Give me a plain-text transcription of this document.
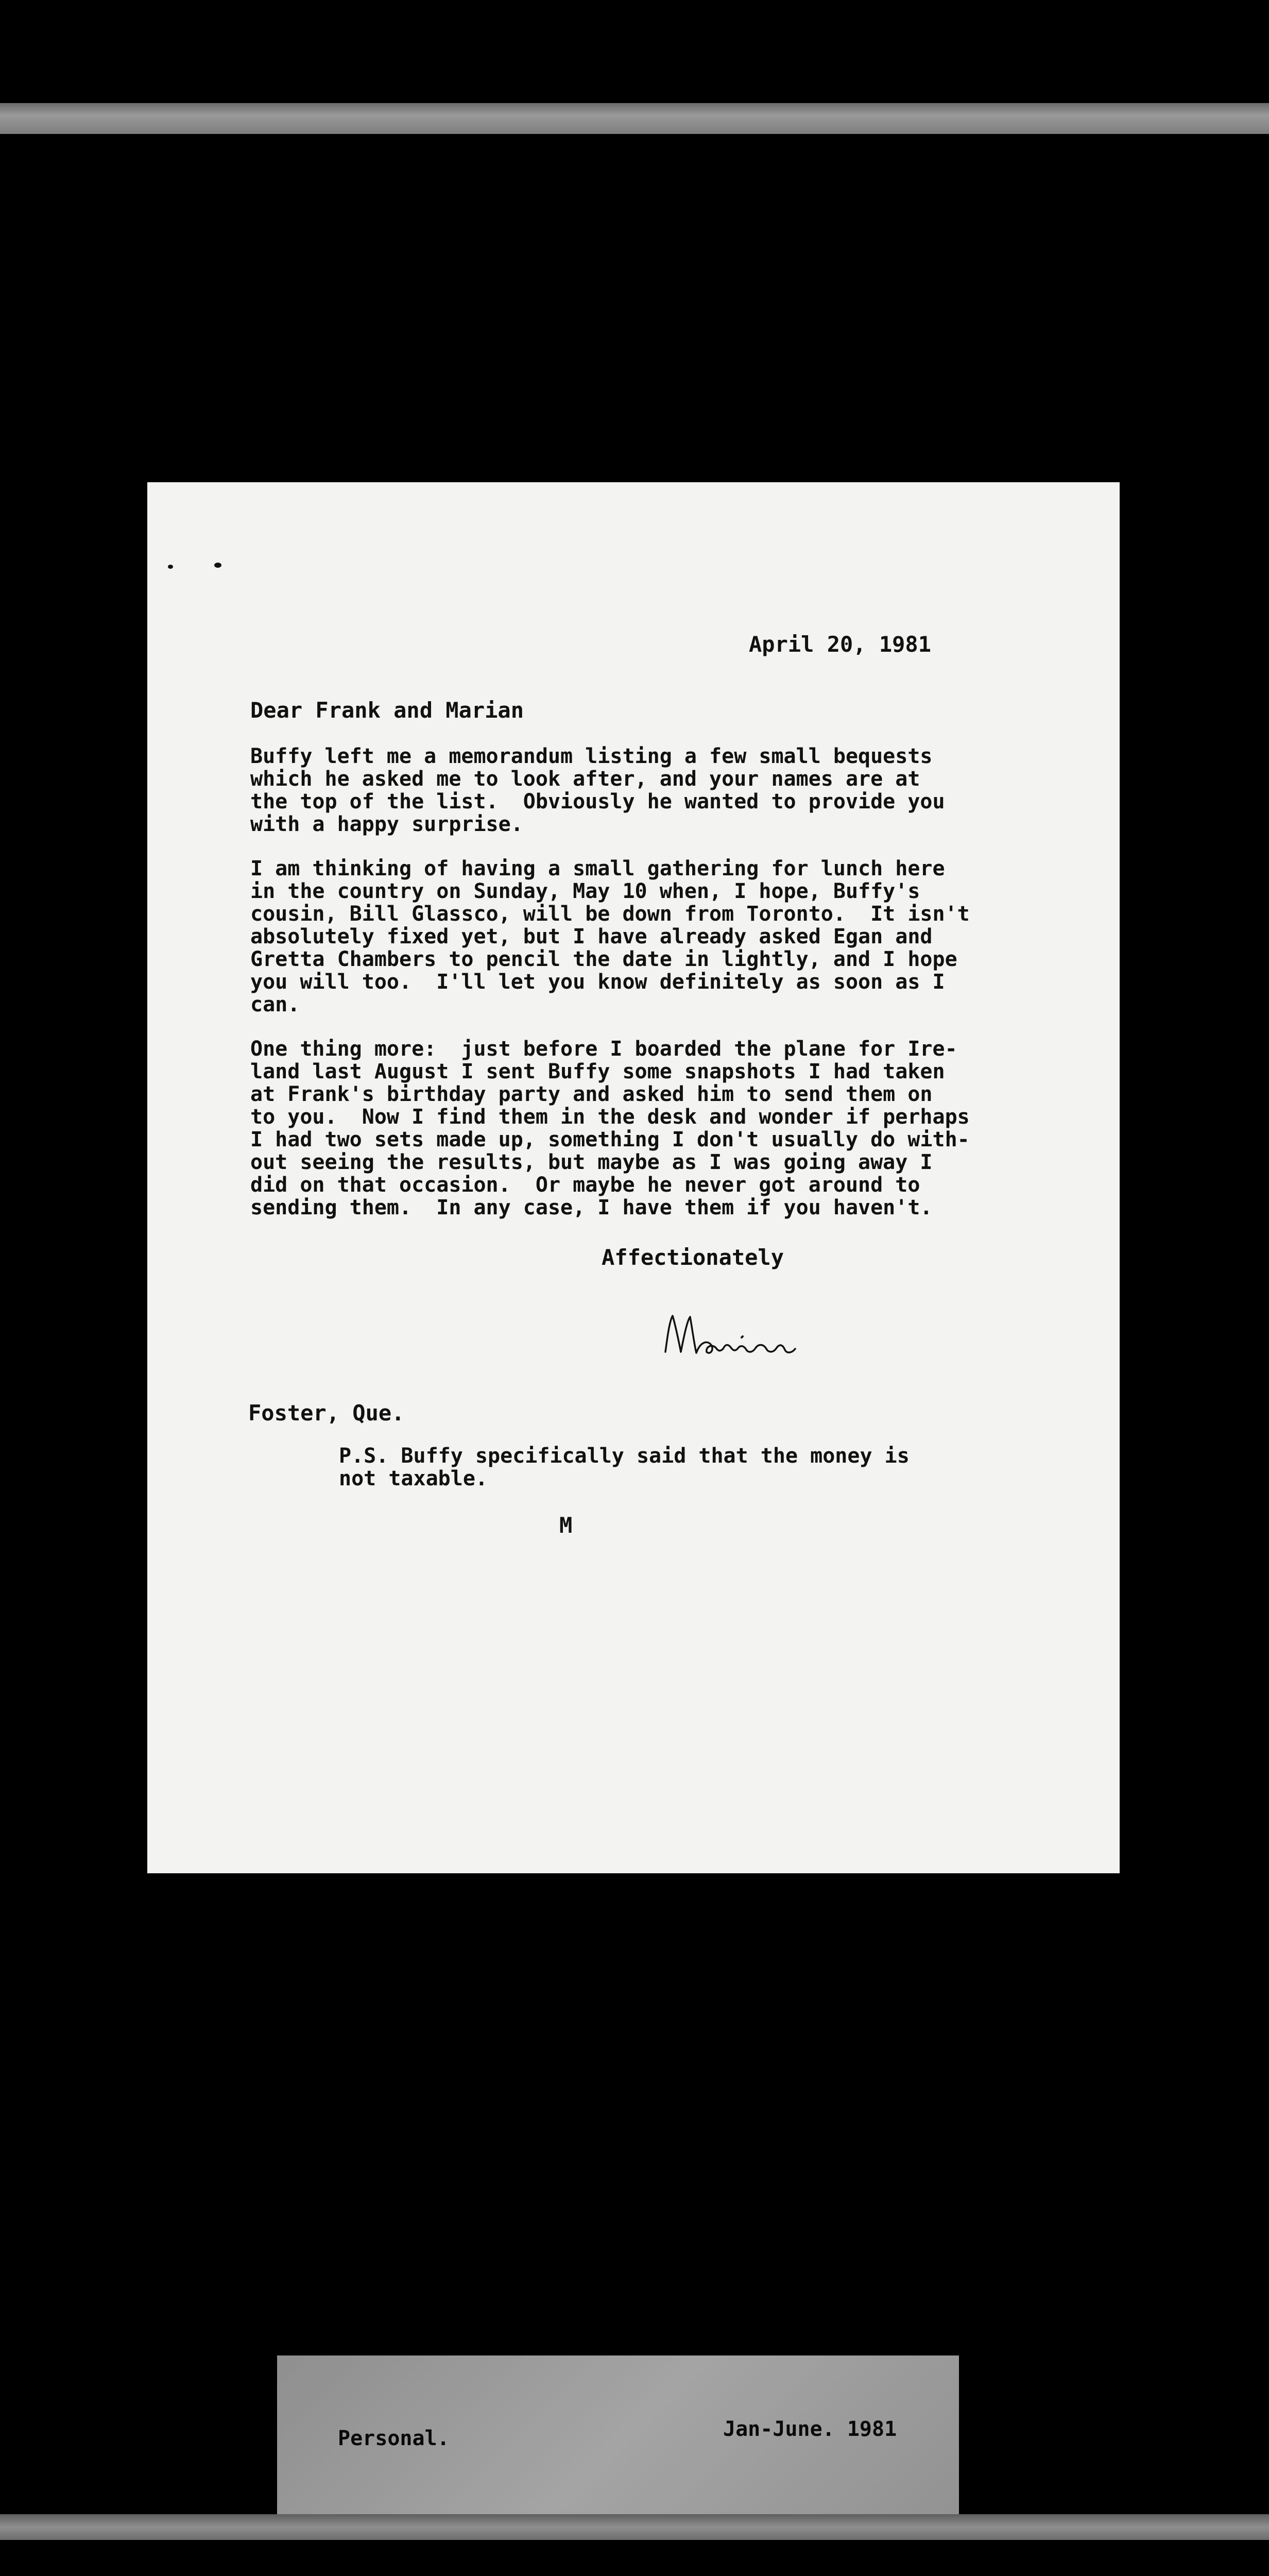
April 20, 1981
Dear Frank and Marian
Buffy left me a memorandum listing a few small bequests
which he asked me to look after, and your names are at
the top of the list.  Obviously he wanted to provide you
with a happy surprise.
I am thinking of having a small gathering for lunch here
in the country on Sunday, May 10 when, I hope, Buffy's
cousin, Bill Glassco, will be down from Toronto.  It isn't
absolutely fixed yet, but I have already asked Egan and
Gretta Chambers to pencil the date in lightly, and I hope
you will too.  I'll let you know definitely as soon as I
can.
One thing more:  just before I boarded the plane for Ire-
land last August I sent Buffy some snapshots I had taken
at Frank's birthday party and asked him to send them on
to you.  Now I find them in the desk and wonder if perhaps
I had two sets made up, something I don't usually do with-
out seeing the results, but maybe as I was going away I
did on that occasion.  Or maybe he never got around to
sending them.  In any case, I have them if you haven't.
Affectionately
Foster, Que.
P.S. Buffy specifically said that the money is
not taxable.
M
Personal.	Jan-June. 1981
